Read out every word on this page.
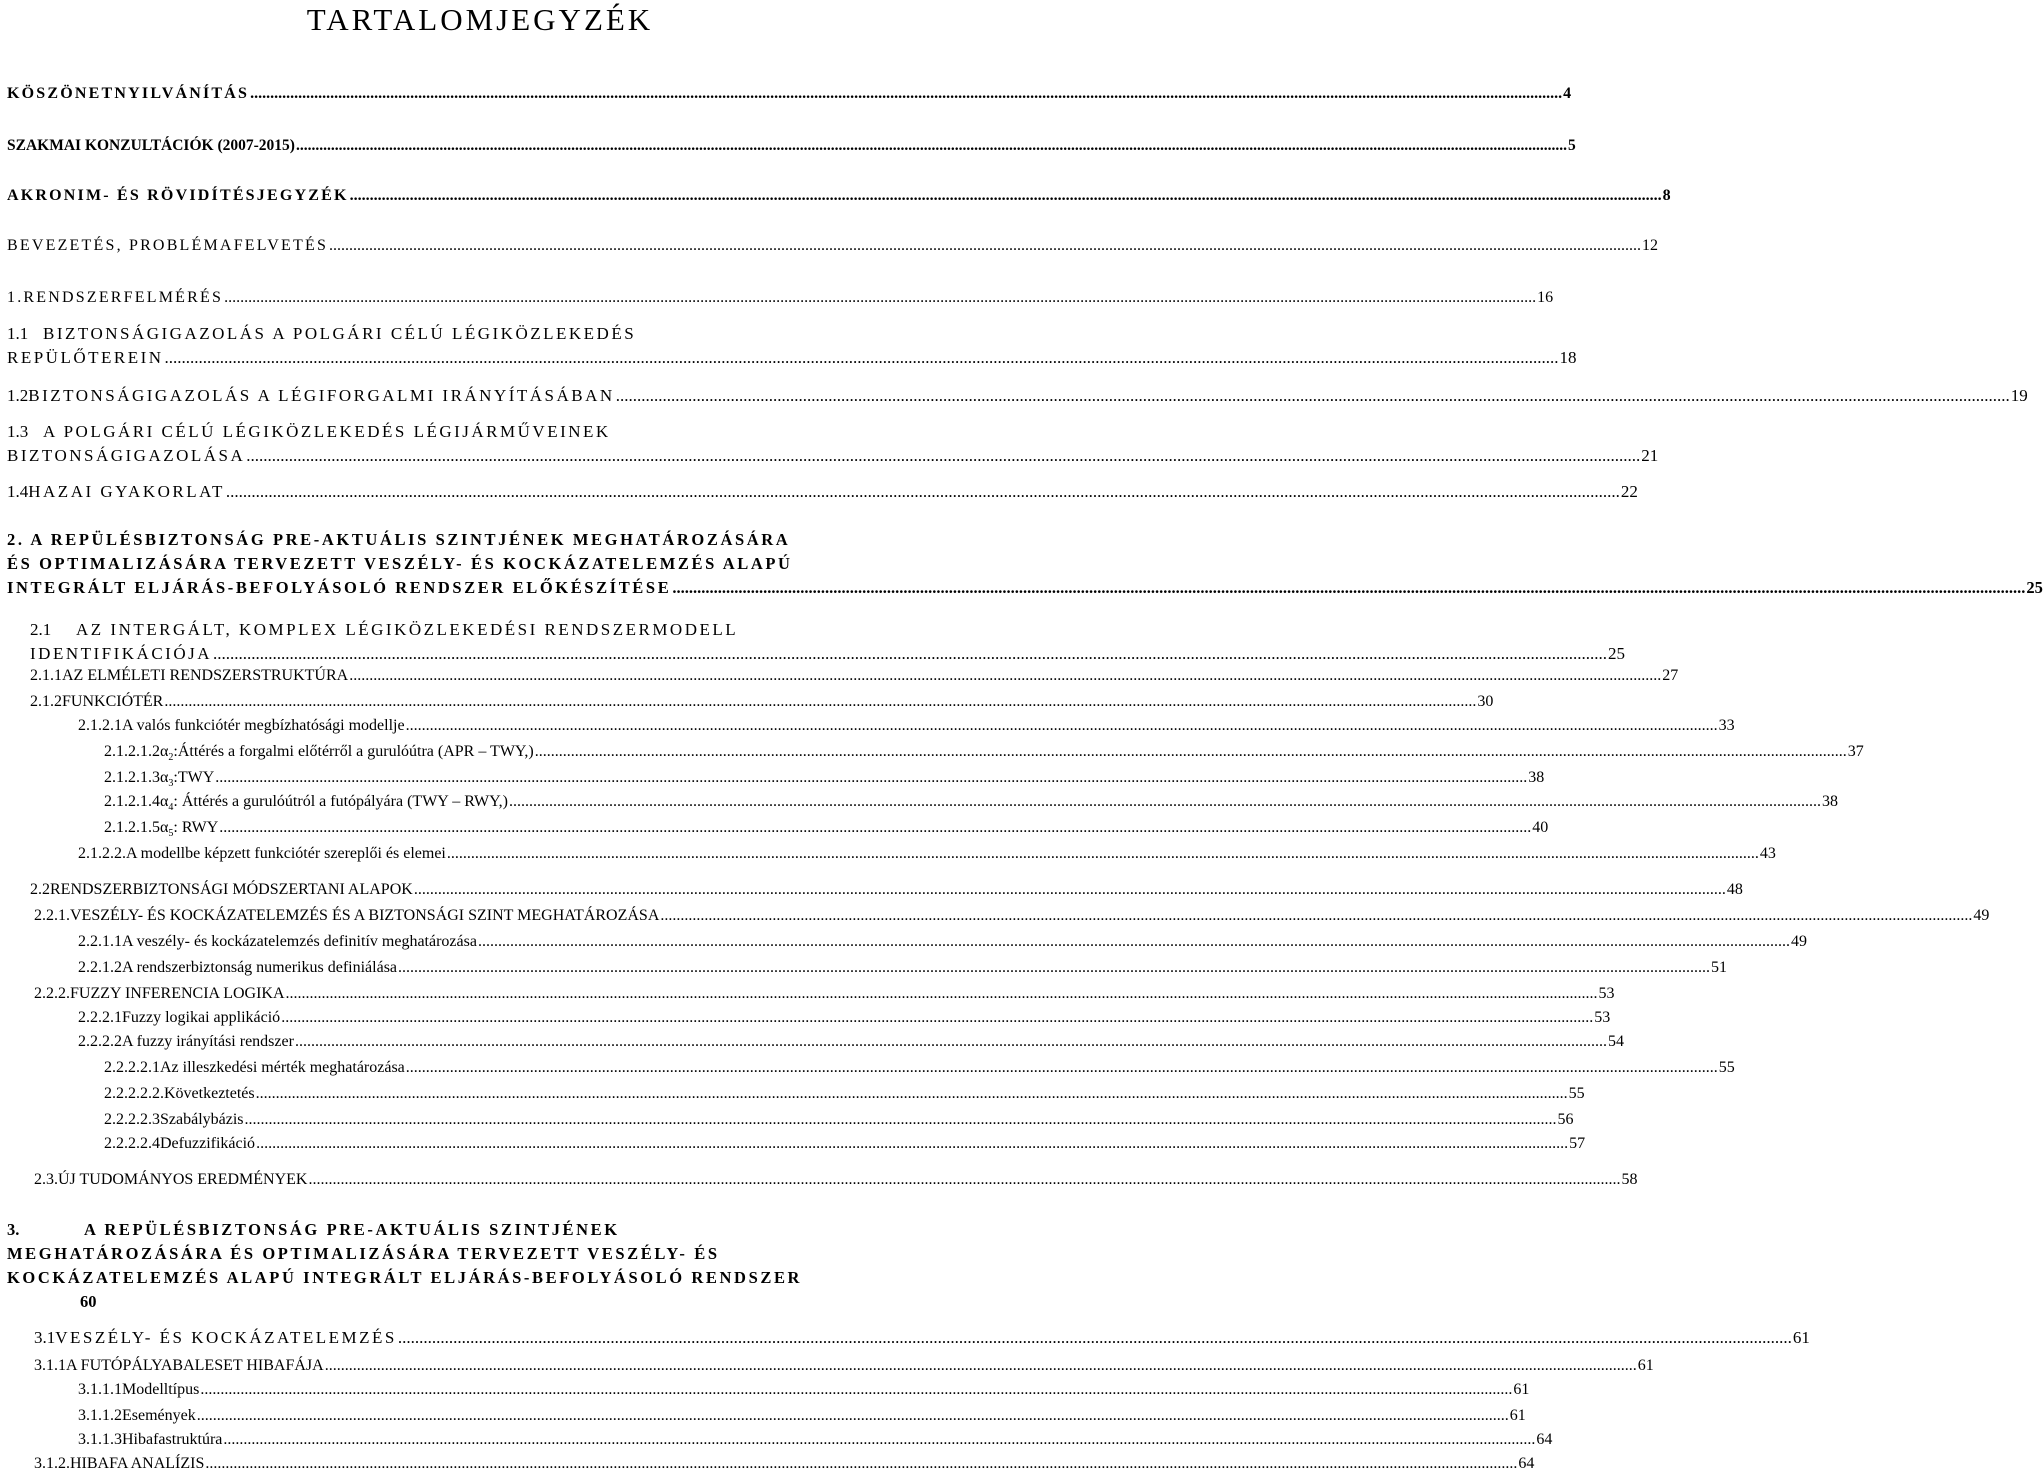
TARTALOMJEGYZÉK
KÖSZÖNETNYILVÁNÍTÁS .....	4
SZAKMAI KONZULTÁCIÓK (2007-2015) .....	5
AKRONIM- ÉS RÖVIDÍTÉSJEGYZÉK .....	8
BEVEZETÉS, PROBLÉMAFELVETÉS .....	12
1. RENDSZERFELMÉRÉS .....	16
1.1 BIZTONSÁGIGAZOLÁS A POLGÁRI CÉLÚ LÉGIKÖZLEKEDÉS
REPÜLŐTEREIN .....	18
1.2 BIZTONSÁGIGAZOLÁS A LÉGIFORGALMI IRÁNYÍTÁSÁBAN .....	19
1.3 A POLGÁRI CÉLÚ LÉGIKÖZLEKEDÉS LÉGIJÁRMŰVEINEK
BIZTONSÁGIGAZOLÁSA .....	21
1.4 HAZAI GYAKORLAT .....	22
2. A REPÜLÉSBIZTONSÁG PRE-AKTUÁLIS SZINTJÉNEK MEGHATÁROZÁSÁRA
ÉS OPTIMALIZÁSÁRA TERVEZETT VESZÉLY- ÉS KOCKÁZATELEMZÉS ALAPÚ
INTEGRÁLT ELJÁRÁS-BEFOLYÁSOLÓ RENDSZER ELŐKÉSZÍTÉSE .....	25
2.1 AZ INTERGÁLT, KOMPLEX LÉGIKÖZLEKEDÉSI RENDSZERMODELL
IDENTIFIKÁCIÓJA .....	25
2.1.1 AZ ELMÉLETI RENDSZERSTRUKTÚRA .....	27
2.1.2 FUNKCIÓTÉR .....	30
2.1.2.1 A valós funkciótér megbízhatósági modellje .....	33
2.1.2.1.2 $\alpha_2:Áttérés$ a forgalmi előtérről a gurulóútra (APR – TWY,) .....	37
2.1.2.1.3 $\alpha_3:TWY$ .....	38
2.1.2.1.4 $\alpha_4$: Áttérés a gurulóútról a futópályára (TWY – RWY,) .....	38
2.1.2.1.5 $\alpha_5$: RWY .....	40
2.1.2.2. A modellbe képzett funkciótér szereplői és elemei .....	43
2.2 RENDSZERBIZTONSÁGI MÓDSZERTANI ALAPOK .....	48
2.2.1. VESZÉLY- ÉS KOCKÁZATELEMZÉS ÉS A BIZTONSÁGI SZINT MEGHATÁROZÁSA .....	49
2.2.1.1 A veszély- és kockázatelemzés definitív meghatározása .....	49
2.2.1.2 A rendszerbiztonság numerikus definiálása .....	51
2.2.2. FUZZY INFERENCIA LOGIKA .....	53
2.2.2.1 Fuzzy logikai applikáció .....	53
2.2.2.2 A fuzzy irányítási rendszer .....	54
2.2.2.2.1 Az illeszkedési mérték meghatározása .....	55
2.2.2.2.2. Következtetés .....	55
2.2.2.2.3 Szabálybázis .....	56
2.2.2.2.4 Defuzzifikáció .....	57
2.3. ÚJ TUDOMÁNYOS EREDMÉNYEK .....	58
3.	A REPÜLÉSBIZTONSÁG PRE-AKTUÁLIS SZINTJÉNEK
MEGHATÁROZÁSÁRA ÉS OPTIMALIZÁSÁRA TERVEZETT VESZÉLY- ÉS
KOCKÁZATELEMZÉS ALAPÚ INTEGRÁLT ELJÁRÁS-BEFOLYÁSOLÓ RENDSZER
60
3.1 VESZÉLY- ÉS KOCKÁZATELEMZÉS .....	61
3.1.1 A FUTÓPÁLYABALESET HIBAFÁJA .....	61
3.1.1.1 Modelltípus .....	61
3.1.1.2 Események .....	61
3.1.1.3 Hibafastruktúra .....	64
3.1.2. HIBAFA ANALÍZIS .....	64
